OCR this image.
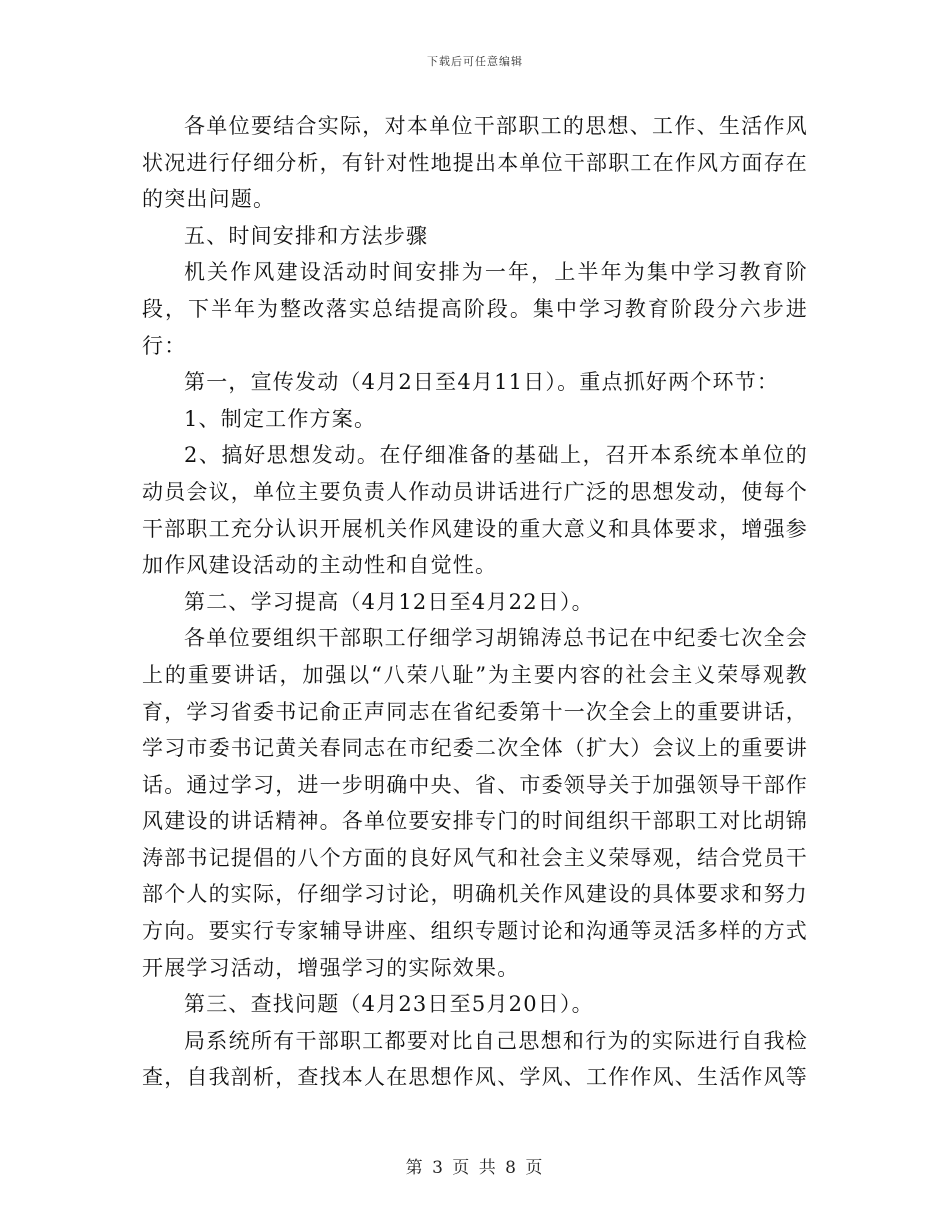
下载后可任意编辑

各单位要结合实际，对本单位干部职工的思想、工作、生活作风状况进行仔细分析，有针对性地提出本单位干部职工在作风方面存在的突出问题。

五、时间安排和方法步骤

机关作风建设活动时间安排为一年，上半年为集中学习教育阶段，下半年为整改落实总结提高阶段。集中学习教育阶段分六步进行：

第一，宣传发动（4月2日至4月11日）。重点抓好两个环节：

1、制定工作方案。

2、搞好思想发动。在仔细准备的基础上，召开本系统本单位的动员会议，单位主要负责人作动员讲话进行广泛的思想发动，使每个干部职工充分认识开展机关作风建设的重大意义和具体要求，增强参加作风建设活动的主动性和自觉性。

第二、学习提高（4月12日至4月22日）。

各单位要组织干部职工仔细学习胡锦涛总书记在中纪委七次全会上的重要讲话，加强以“八荣八耻”为主要内容的社会主义荣辱观教育，学习省委书记俞正声同志在省纪委第十一次全会上的重要讲话，学习市委书记黄关春同志在市纪委二次全体（扩大）会议上的重要讲话。通过学习，进一步明确中央、省、市委领导关于加强领导干部作风建设的讲话精神。各单位要安排专门的时间组织干部职工对比胡锦涛部书记提倡的八个方面的良好风气和社会主义荣辱观，结合党员干部个人的实际，仔细学习讨论，明确机关作风建设的具体要求和努力方向。要实行专家辅导讲座、组织专题讨论和沟通等灵活多样的方式开展学习活动，增强学习的实际效果。

第三、查找问题（4月23日至5月20日）。

局系统所有干部职工都要对比自己思想和行为的实际进行自我检查，自我剖析，查找本人在思想作风、学风、工作作风、生活作风等

第 3 页 共 8 页
